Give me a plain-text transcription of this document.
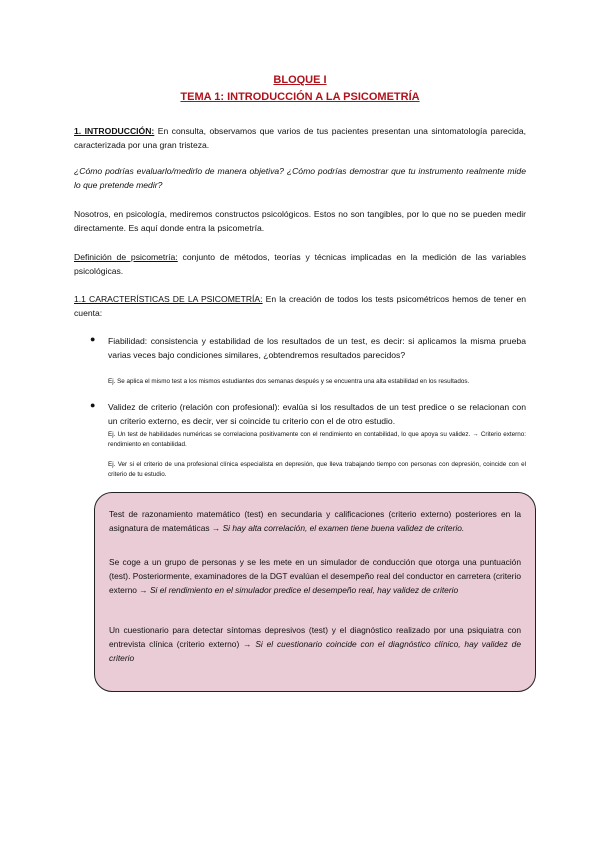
BLOQUE I
TEMA 1: INTRODUCCIÓN A LA PSICOMETRÍA

1. INTRODUCCIÓN: En consulta, observamos que varios de tus pacientes presentan una sintomatología parecida, caracterizada por una gran tristeza.

¿Cómo podrías evaluarlo/medirlo de manera objetiva? ¿Cómo podrías demostrar que tu instrumento realmente mide lo que pretende medir?

Nosotros, en psicología, mediremos constructos psicológicos. Estos no son tangibles, por lo que no se pueden medir directamente. Es aquí donde entra la psicometría.

Definición de psicometría: conjunto de métodos, teorías y técnicas implicadas en la medición de las variables psicológicas.

1.1 CARACTERÍSTICAS DE LA PSICOMETRÍA: En la creación de todos los tests psicométricos hemos de tener en cuenta:

● Fiabilidad: consistencia y estabilidad de los resultados de un test, es decir: si aplicamos la misma prueba varias veces bajo condiciones similares, ¿obtendremos resultados parecidos?

Ej. Se aplica el mismo test a los mismos estudiantes dos semanas después y se encuentra una alta estabilidad en los resultados.

● Validez de criterio (relación con profesional): evalúa si los resultados de un test predice o se relacionan con un criterio externo, es decir, ver si coincide tu criterio con el de otro estudio.

Ej. Un test de habilidades numéricas se correlaciona positivamente con el rendimiento en contabilidad, lo que apoya su validez. → Criterio externo: rendimiento en contabilidad.

Ej. Ver si el criterio de una profesional clínica especialista en depresión, que lleva trabajando tiempo con personas con depresión, coincide con el criterio de tu estudio.

Test de razonamiento matemático (test) en secundaria y calificaciones (criterio externo) posteriores en la asignatura de matemáticas → Si hay alta correlación, el examen tiene buena validez de criterio.

Se coge a un grupo de personas y se les mete en un simulador de conducción que otorga una puntuación (test). Posteriormente, examinadores de la DGT evalúan el desempeño real del conductor en carretera (criterio externo → Si el rendimiento en el simulador predice el desempeño real, hay validez de criterio

Un cuestionario para detectar síntomas depresivos (test) y el diagnóstico realizado por una psiquiatra con entrevista clínica (criterio externo) → Si el cuestionario coincide con el diagnóstico clínico, hay validez de criterio
